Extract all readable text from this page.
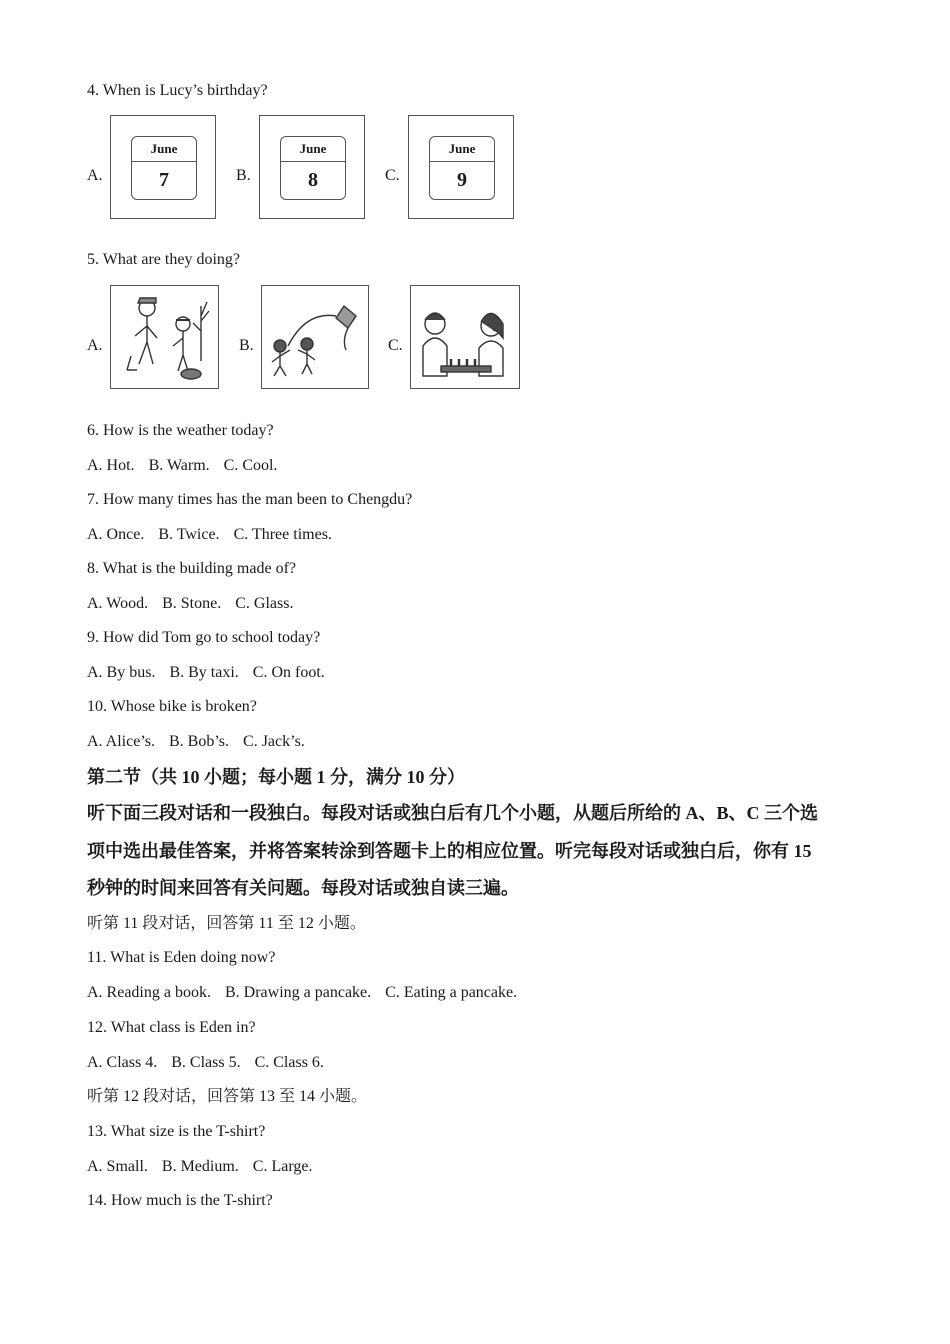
4. When is Lucy’s birthday?
A.
June
7	B.
June
8	C.
June
9
5. What are they doing?
A.	B.	C.
6. How is the weather today?
A. Hot. B. Warm. C. Cool.
7. How many times has the man been to Chengdu?
A. Once. B. Twice. C. Three times.
8. What is the building made of?
A. Wood. B. Stone. C. Glass.
9. How did Tom go to school today?
A. By bus. B. By taxi. C. On foot.
10. Whose bike is broken?
A. Alice’s. B. Bob’s. C. Jack’s.
第二节（共 10 小题；每小题 1 分，满分 10 分）
听下面三段对话和一段独白。每段对话或独白后有几个小题，从题后所给的 A、B、C 三个选
项中选出最佳答案，并将答案转涂到答题卡上的相应位置。听完每段对话或独白后，你有 15
秒钟的时间来回答有关问题。每段对话或独自读三遍。
听第 11 段对话，回答第 11 至 12 小题。
11. What is Eden doing now?
A. Reading a book. B. Drawing a pancake. C. Eating a pancake.
12. What class is Eden in?
A. Class 4. B. Class 5. C. Class 6.
听第 12 段对话，回答第 13 至 14 小题。
13. What size is the T-shirt?
A. Small. B. Medium. C. Large.
14. How much is the T-shirt?
